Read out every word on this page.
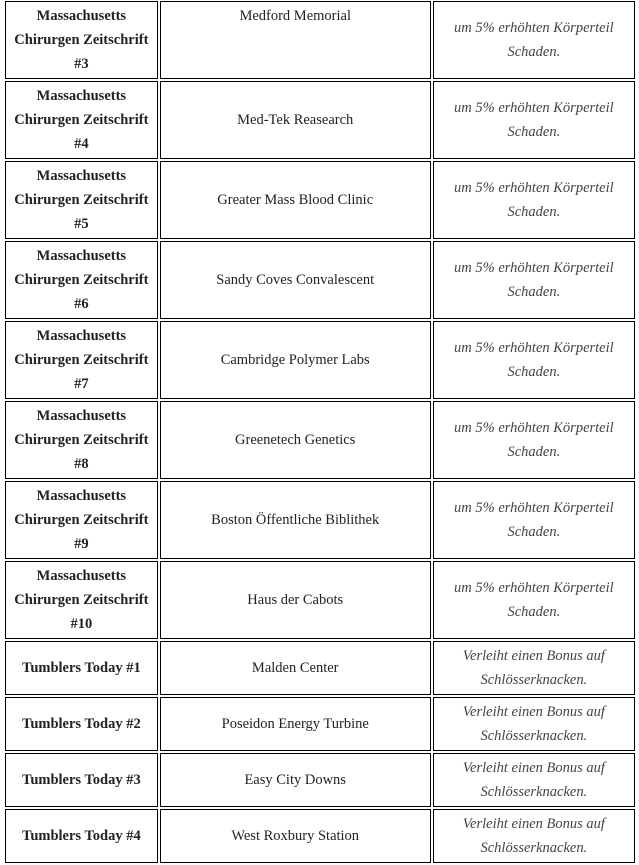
Massachusetts Chirurgen Zeitschrift #3	Medford Memorial	um 5% erhöhten Körperteil Schaden.
Massachusetts Chirurgen Zeitschrift #4	Med-Tek Reasearch	um 5% erhöhten Körperteil Schaden.
Massachusetts Chirurgen Zeitschrift #5	Greater Mass Blood Clinic	um 5% erhöhten Körperteil Schaden.
Massachusetts Chirurgen Zeitschrift #6	Sandy Coves Convalescent	um 5% erhöhten Körperteil Schaden.
Massachusetts Chirurgen Zeitschrift #7	Cambridge Polymer Labs	um 5% erhöhten Körperteil Schaden.
Massachusetts Chirurgen Zeitschrift #8	Greenetech Genetics	um 5% erhöhten Körperteil Schaden.
Massachusetts Chirurgen Zeitschrift #9	Boston Öffentliche Biblithek	um 5% erhöhten Körperteil Schaden.
Massachusetts Chirurgen Zeitschrift #10	Haus der Cabots	um 5% erhöhten Körperteil Schaden.
Tumblers Today #1	Malden Center	Verleiht einen Bonus auf Schlösserknacken.
Tumblers Today #2	Poseidon Energy Turbine	Verleiht einen Bonus auf Schlösserknacken.
Tumblers Today #3	Easy City Downs	Verleiht einen Bonus auf Schlösserknacken.
Tumblers Today #4	West Roxbury Station	Verleiht einen Bonus auf Schlösserknacken.
